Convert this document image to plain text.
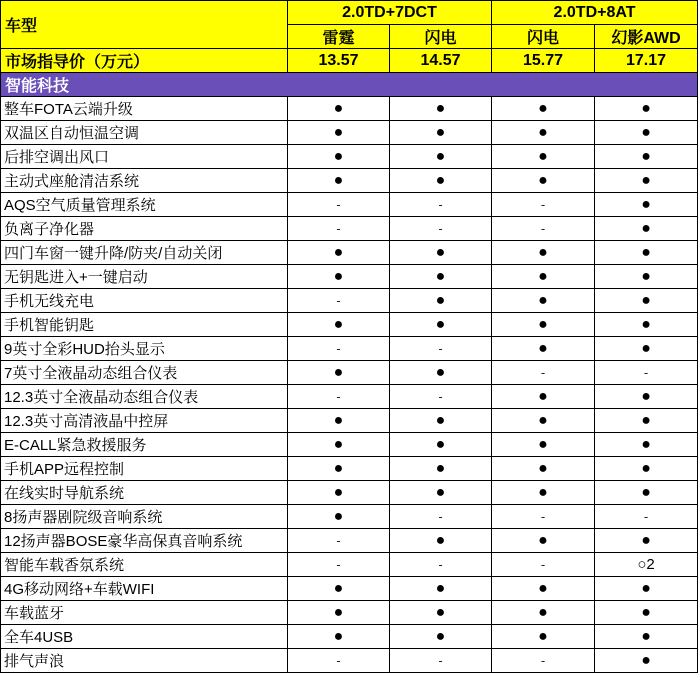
车型	2.0TD+7DCT		2.0TD+8AT	
	雷霆	闪电	闪电	幻影AWD
市场指导价（万元）	13.57	14.57	15.77	17.17
智能科技				
整车FOTA云端升级	●	●	●	●
双温区自动恒温空调	●	●	●	●
后排空调出风口	●	●	●	●
主动式座舱清洁系统	●	●	●	●
AQS空气质量管理系统	-	-	-	●
负离子净化器	-	-	-	●
四门车窗一键升降/防夹/自动关闭	●	●	●	●
无钥匙进入+一键启动	●	●	●	●
手机无线充电	-	●	●	●
手机智能钥匙	●	●	●	●
9英寸全彩HUD抬头显示	-	-	●	●
7英寸全液晶动态组合仪表	●	●	-	-
12.3英寸全液晶动态组合仪表	-	-	●	●
12.3英寸高清液晶中控屏	●	●	●	●
E-CALL紧急救援服务	●	●	●	●
手机APP远程控制	●	●	●	●
在线实时导航系统	●	●	●	●
8扬声器剧院级音响系统	●	-	-	-
12扬声器BOSE豪华高保真音响系统	-	●	●	●
智能车载香氛系统	-	-	-	○2
4G移动网络+车载WIFI	●	●	●	●
车载蓝牙	●	●	●	●
全车4USB	●	●	●	●
排气声浪	-	-	-	●
